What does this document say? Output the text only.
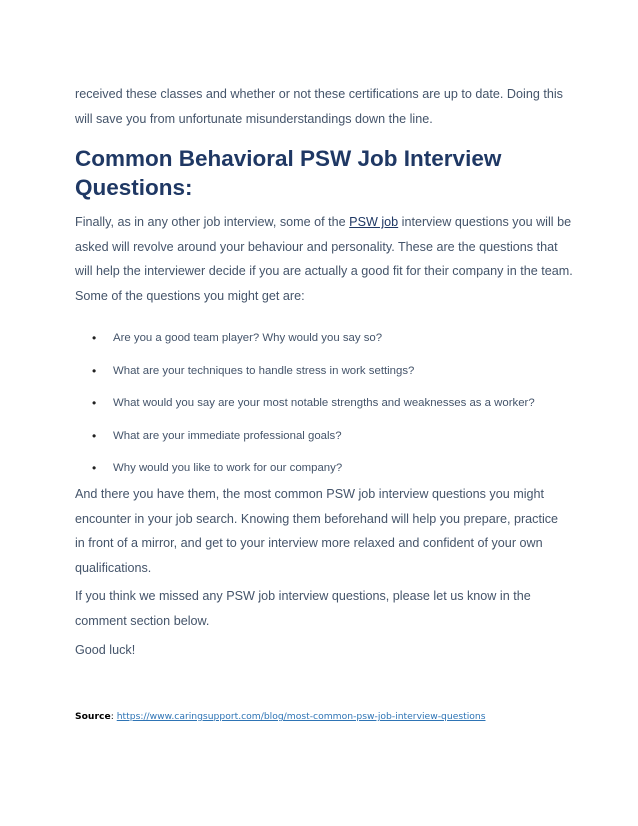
received these classes and whether or not these certifications are up to date. Doing this
will save you from unfortunate misunderstandings down the line.

Common Behavioral PSW Job Interview
Questions:

Finally, as in any other job interview, some of the PSW job interview questions you will be asked will revolve around your behaviour and personality. These are the questions that will help the interviewer decide if you are actually a good fit for their company in the team. Some of the questions you might get are:

• Are you a good team player? Why would you say so?
• What are your techniques to handle stress in work settings?
• What would you say are your most notable strengths and weaknesses as a worker?
• What are your immediate professional goals?
• Why would you like to work for our company?

And there you have them, the most common PSW job interview questions you might encounter in your job search. Knowing them beforehand will help you prepare, practice in front of a mirror, and get to your interview more relaxed and confident of your own qualifications.

If you think we missed any PSW job interview questions, please let us know in the comment section below.

Good luck!

Source: https://www.caringsupport.com/blog/most-common-psw-job-interview-questions
